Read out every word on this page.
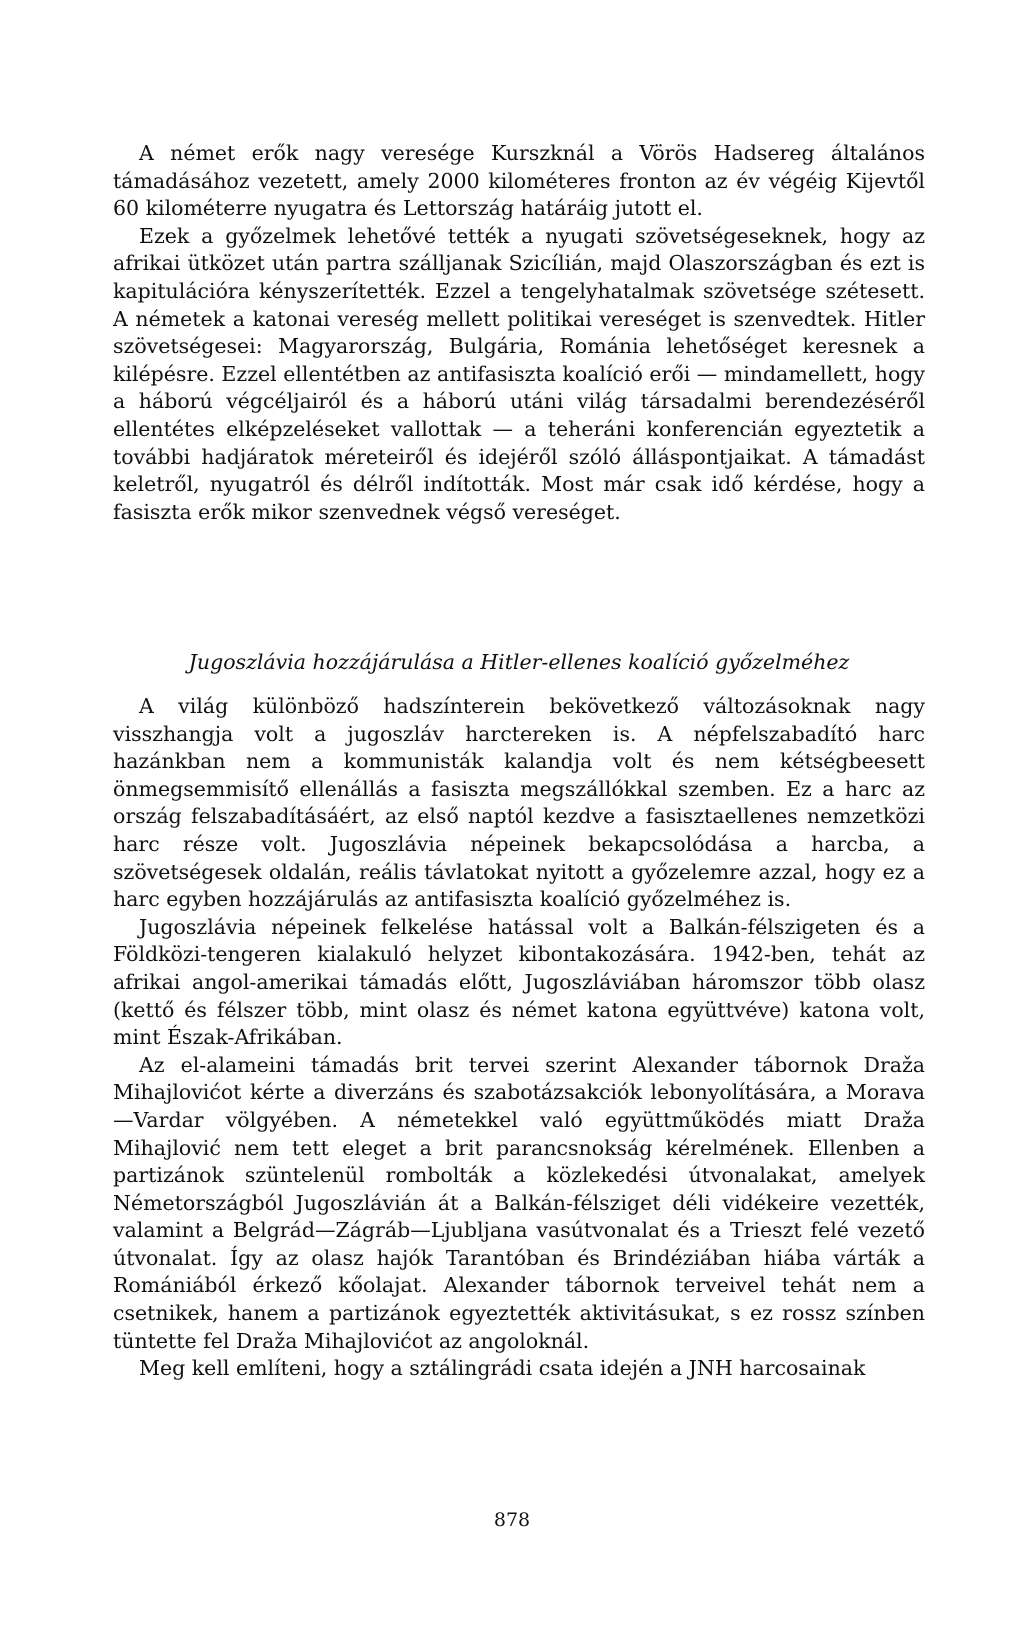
A német erők nagy veresége Kurszknál a Vörös Hadsereg általános támadásához vezetett, amely 2000 kilométeres fronton az év végéig Kijevtől 60 kilométerre nyugatra és Lettország határáig jutott el.

Ezek a győzelmek lehetővé tették a nyugati szövetségeseknek, hogy az afrikai ütközet után partra szálljanak Szicílián, majd Olaszországban és ezt is kapitulációra kényszerítették. Ezzel a tengelyhatalmak szövetsége szétesett. A németek a katonai vereség mellett politikai vereséget is szenvedtek. Hitler szövetségesei: Magyarország, Bulgária, Románia lehetőséget keresnek a kilépésre. Ezzel ellentétben az antifasiszta koalíció erői — mindamellett, hogy a háború végcéljairól és a háború utáni világ társadalmi berendezéséről ellentétes elképzeléseket vallottak — a teheráni konferencián egyeztetik a további hadjáratok méreteiről és idejéről szóló álláspontjaikat. A támadást keletről, nyugatról és délről indították. Most már csak idő kérdése, hogy a fasiszta erők mikor szenvednek végső vereséget.

Jugoszlávia hozzájárulása a Hitler-ellenes koalíció győzelméhez

A világ különböző hadszínterein bekövetkező változásoknak nagy visszhangja volt a jugoszláv harctereken is. A népfelszabadító harc hazánkban nem a kommunisták kalandja volt és nem kétségbeesett önmegsemmisítő ellenállás a fasiszta megszállókkal szemben. Ez a harc az ország felszabadításáért, az első naptól kezdve a fasisztaellenes nemzetközi harc része volt. Jugoszlávia népeinek bekapcsolódása a harcba, a szövetségesek oldalán, reális távlatokat nyitott a győzelemre azzal, hogy ez a harc egyben hozzájárulás az antifasiszta koalíció győzelméhez is.

Jugoszlávia népeinek felkelése hatással volt a Balkán-félszigeten és a Földközi-tengeren kialakuló helyzet kibontakozására. 1942-ben, tehát az afrikai angol-amerikai támadás előtt, Jugoszláviában háromszor több olasz (kettő és félszer több, mint olasz és német katona együttvéve) katona volt, mint Észak-Afrikában.

Az el-alameini támadás brit tervei szerint Alexander tábornok Draža Mihajlovićot kérte a diverzáns és szabotázsakciók lebonyolítására, a Morava—Vardar völgyében. A németekkel való együttműködés miatt Draža Mihajlović nem tett eleget a brit parancsnokság kérelmének. Ellenben a partizánok szüntelenül rombolták a közlekedési útvonalakat, amelyek Németországból Jugoszlávián át a Balkán-félsziget déli vidékeire vezették, valamint a Belgrád—Zágráb—Ljubljana vasútvonalat és a Trieszt felé vezető útvonalat. Így az olasz hajók Tarantóban és Brindéziában hiába várták a Romániából érkező kőolajat. Alexander tábornok terveivel tehát nem a csetnikek, hanem a partizánok egyeztették aktivitásukat, s ez rossz színben tüntette fel Draža Mihajlovićot az angoloknál.

Meg kell említeni, hogy a sztálingrádi csata idején a JNH harcosainak

878
